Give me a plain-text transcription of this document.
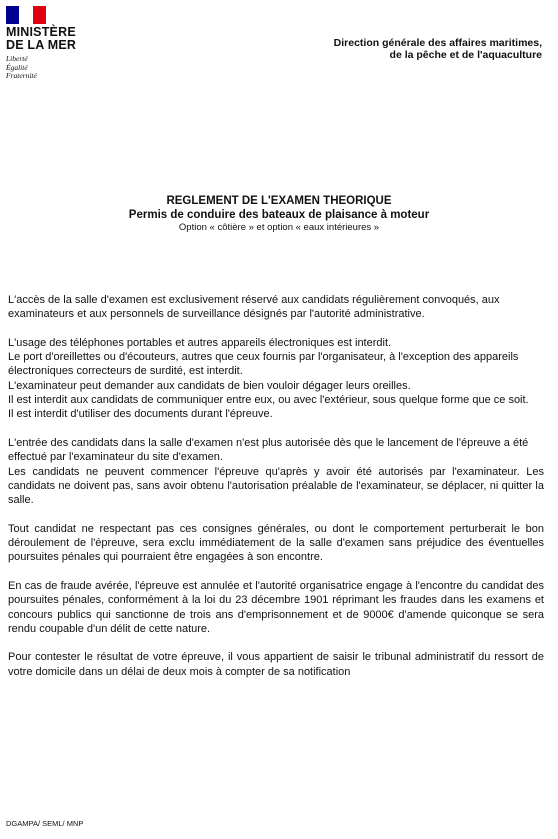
MINISTÈRE
DE LA MER
Liberté
Égalité
Fraternité
Direction générale des affaires maritimes,
de la pêche et de l'aquaculture
REGLEMENT DE L'EXAMEN THEORIQUE
Permis de conduire des bateaux de plaisance à moteur
Option « côtière » et option « eaux intérieures »

L'accès de la salle d'examen est exclusivement réservé aux candidats régulièrement convoqués, aux examinateurs et aux personnels de surveillance désignés par l'autorité administrative.

L'usage des téléphones portables et autres appareils électroniques est interdit.
Le port d'oreillettes ou d'écouteurs, autres que ceux fournis par l'organisateur, à l'exception des appareils électroniques correcteurs de surdité, est interdit.
L'examinateur peut demander aux candidats de bien vouloir dégager leurs oreilles.
Il est interdit aux candidats de communiquer entre eux, ou avec l'extérieur, sous quelque forme que ce soit.
Il est interdit d'utiliser des documents durant l'épreuve.

L'entrée des candidats dans la salle d'examen n'est plus autorisée dès que le lancement de l'épreuve a été effectué par l'examinateur du site d'examen.
Les candidats ne peuvent commencer l'épreuve qu'après y avoir été autorisés par l'examinateur. Les candidats ne doivent pas, sans avoir obtenu l'autorisation préalable de l'examinateur, se déplacer, ni quitter la salle.

Tout candidat ne respectant pas ces consignes générales, ou dont le comportement perturberait le bon déroulement de l'épreuve, sera exclu immédiatement de la salle d'examen sans préjudice des éventuelles poursuites pénales qui pourraient être engagées à son encontre.

En cas de fraude avérée, l'épreuve est annulée et l'autorité organisatrice engage à l'encontre du candidat des poursuites pénales, conformément à la loi du 23 décembre 1901 réprimant les fraudes dans les examens et concours publics qui sanctionne de trois ans d'emprisonnement et de 9000€ d'amende quiconque se sera rendu coupable d'un délit de cette nature.

Pour contester le résultat de votre épreuve, il vous appartient de saisir le tribunal administratif du ressort de votre domicile dans un délai de deux mois à compter de sa notification

DGAMPA/ SEML/ MNP
